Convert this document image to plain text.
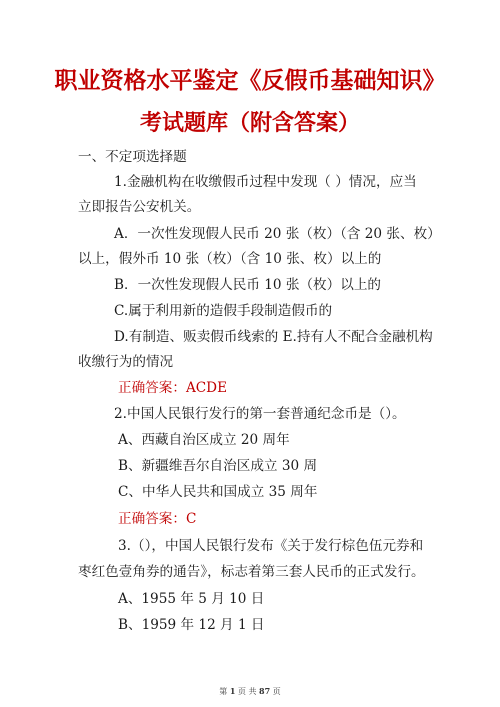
职业资格水平鉴定《反假币基础知识》
考试题库（附含答案）
一、不定项选择题
1.金融机构在收缴假币过程中发现（ ）情况，应当
立即报告公安机关。
A．一次性发现假人民币 20 张（枚）（含 20 张、枚）
以上，假外币 10 张（枚）（含 10 张、枚）以上的
B．一次性发现假人民币 10 张（枚）以上的
C.属于利用新的造假手段制造假币的
D.有制造、贩卖假币线索的 E.持有人不配合金融机构
收缴行为的情况
正确答案：ACDE
2.中国人民银行发行的第一套普通纪念币是（）。
A、西藏自治区成立 20 周年
B、新疆维吾尔自治区成立 30 周
C、中华人民共和国成立 35 周年
正确答案：C
3.（），中国人民银行发布《关于发行棕色伍元券和
枣红色壹角券的通告》，标志着第三套人民币的正式发行。
A、1955 年 5 月 10 日
B、1959 年 12 月 1 日
第 1 页 共 87 页
